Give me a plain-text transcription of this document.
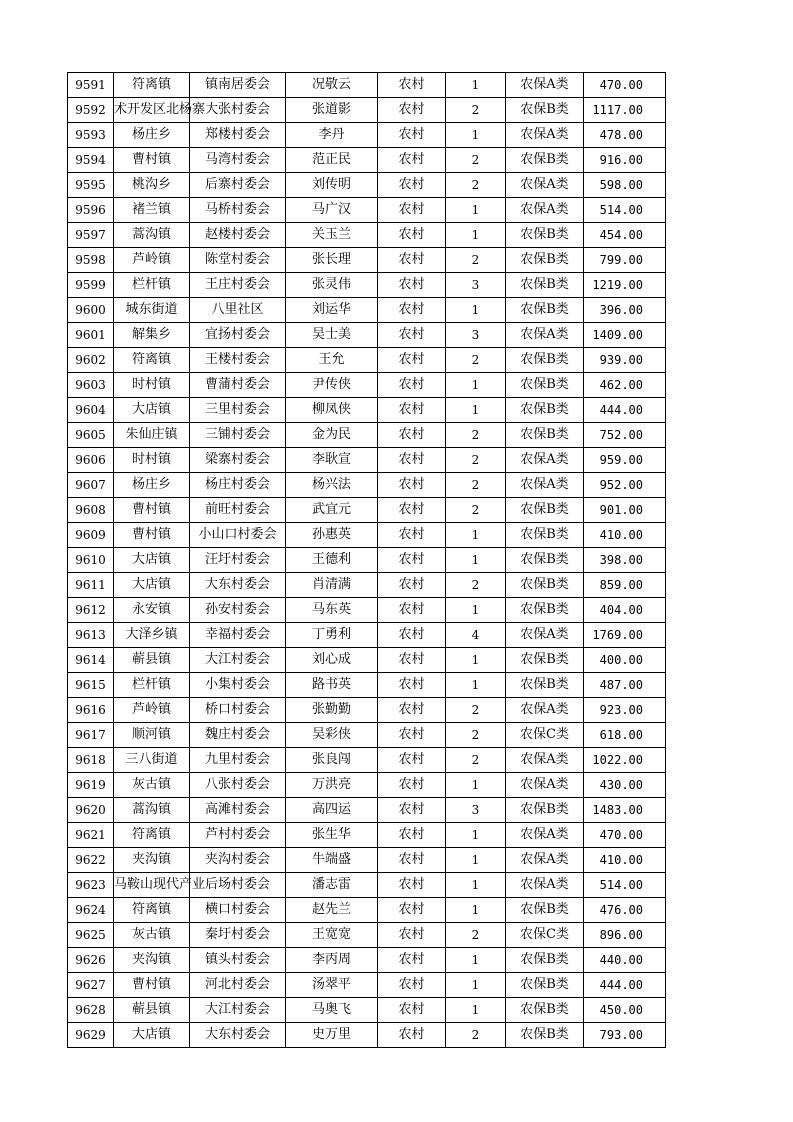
9591	符离镇	镇南居委会	况敬云	农村	1	农保A类	470.00
9592	术开发区北杨寨	大张村委会	张道影	农村	2	农保B类	1117.00
9593	杨庄乡	郑楼村委会	李丹	农村	1	农保A类	478.00
9594	曹村镇	马湾村委会	范正民	农村	2	农保B类	916.00
9595	桃沟乡	后寨村委会	刘传明	农村	2	农保A类	598.00
9596	褚兰镇	马桥村委会	马广汉	农村	1	农保A类	514.00
9597	蒿沟镇	赵楼村委会	关玉兰	农村	1	农保B类	454.00
9598	芦岭镇	陈堂村委会	张长理	农村	2	农保B类	799.00
9599	栏杆镇	王庄村委会	张灵伟	农村	3	农保B类	1219.00
9600	城东街道	八里社区	刘运华	农村	1	农保B类	396.00
9601	解集乡	宜扬村委会	吴士美	农村	3	农保A类	1409.00
9602	符离镇	王楼村委会	王允	农村	2	农保B类	939.00
9603	时村镇	曹蒲村委会	尹传侠	农村	1	农保B类	462.00
9604	大店镇	三里村委会	柳凤侠	农村	1	农保B类	444.00
9605	朱仙庄镇	三铺村委会	金为民	农村	2	农保B类	752.00
9606	时村镇	梁寨村委会	李耿宣	农村	2	农保A类	959.00
9607	杨庄乡	杨庄村委会	杨兴法	农村	2	农保A类	952.00
9608	曹村镇	前旺村委会	武宜元	农村	2	农保B类	901.00
9609	曹村镇	小山口村委会	孙惠英	农村	1	农保B类	410.00
9610	大店镇	汪圩村委会	王德利	农村	1	农保B类	398.00
9611	大店镇	大东村委会	肖清满	农村	2	农保B类	859.00
9612	永安镇	孙安村委会	马东英	农村	1	农保B类	404.00
9613	大泽乡镇	幸福村委会	丁勇利	农村	4	农保A类	1769.00
9614	蕲县镇	大江村委会	刘心成	农村	1	农保B类	400.00
9615	栏杆镇	小集村委会	路书英	农村	1	农保B类	487.00
9616	芦岭镇	桥口村委会	张勤勤	农村	2	农保A类	923.00
9617	顺河镇	魏庄村委会	吴彩侠	农村	2	农保C类	618.00
9618	三八街道	九里村委会	张良闯	农村	2	农保A类	1022.00
9619	灰古镇	八张村委会	万洪亮	农村	1	农保A类	430.00
9620	蒿沟镇	高滩村委会	高四运	农村	3	农保B类	1483.00
9621	符离镇	芦村村委会	张生华	农村	1	农保A类	470.00
9622	夹沟镇	夹沟村委会	牛端盛	农村	1	农保A类	410.00
9623	马鞍山现代产业	后场村委会	潘志雷	农村	1	农保A类	514.00
9624	符离镇	横口村委会	赵先兰	农村	1	农保B类	476.00
9625	灰古镇	秦圩村委会	王宽宽	农村	2	农保C类	896.00
9626	夹沟镇	镇头村委会	李丙周	农村	1	农保B类	440.00
9627	曹村镇	河北村委会	汤翠平	农村	1	农保B类	444.00
9628	蕲县镇	大江村委会	马奥飞	农村	1	农保B类	450.00
9629	大店镇	大东村委会	史万里	农村	2	农保B类	793.00
